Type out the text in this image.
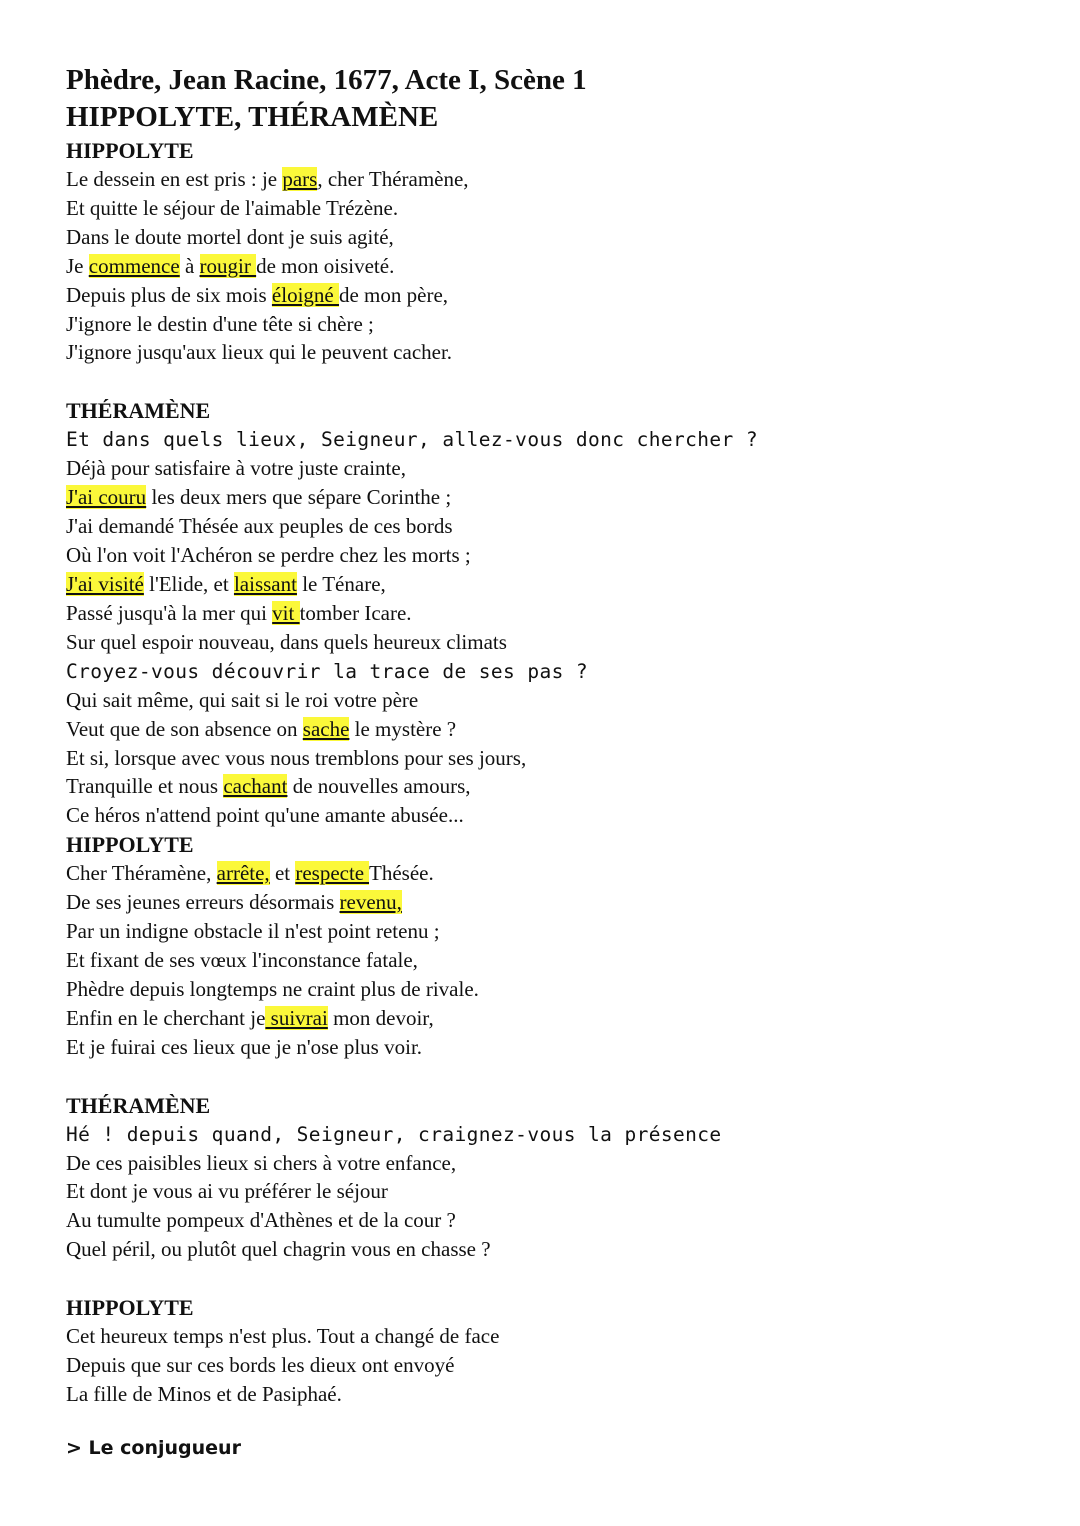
Phèdre, Jean Racine, 1677, Acte I, Scène 1
HIPPOLYTE, THÉRAMÈNE
HIPPOLYTE
Le dessein en est pris : je pars, cher Théramène,
Et quitte le séjour de l'aimable Trézène.
Dans le doute mortel dont je suis agité,
Je commence à rougir de mon oisiveté.
Depuis plus de six mois éloigné de mon père,
J'ignore le destin d'une tête si chère ;
J'ignore jusqu'aux lieux qui le peuvent cacher.
THÉRAMÈNE
Et dans quels lieux, Seigneur, allez-vous donc chercher ?
Déjà pour satisfaire à votre juste crainte,
J'ai couru les deux mers que sépare Corinthe ;
J'ai demandé Thésée aux peuples de ces bords
Où l'on voit l'Achéron se perdre chez les morts ;
J'ai visité l'Elide, et laissant le Ténare,
Passé jusqu'à la mer qui vit tomber Icare.
Sur quel espoir nouveau, dans quels heureux climats
Croyez-vous découvrir la trace de ses pas ?
Qui sait même, qui sait si le roi votre père
Veut que de son absence on sache le mystère ?
Et si, lorsque avec vous nous tremblons pour ses jours,
Tranquille et nous cachant de nouvelles amours,
Ce héros n'attend point qu'une amante abusée...
HIPPOLYTE
Cher Théramène, arrête, et respecte Thésée.
De ses jeunes erreurs désormais revenu,
Par un indigne obstacle il n'est point retenu ;
Et fixant de ses vœux l'inconstance fatale,
Phèdre depuis longtemps ne craint plus de rivale.
Enfin en le cherchant je suivrai mon devoir,
Et je fuirai ces lieux que je n'ose plus voir.
THÉRAMÈNE
Hé ! depuis quand, Seigneur, craignez-vous la présence
De ces paisibles lieux si chers à votre enfance,
Et dont je vous ai vu préférer le séjour
Au tumulte pompeux d'Athènes et de la cour ?
Quel péril, ou plutôt quel chagrin vous en chasse ?
HIPPOLYTE
Cet heureux temps n'est plus. Tout a changé de face
Depuis que sur ces bords les dieux ont envoyé
La fille de Minos et de Pasiphaé.
> Le conjugueur
